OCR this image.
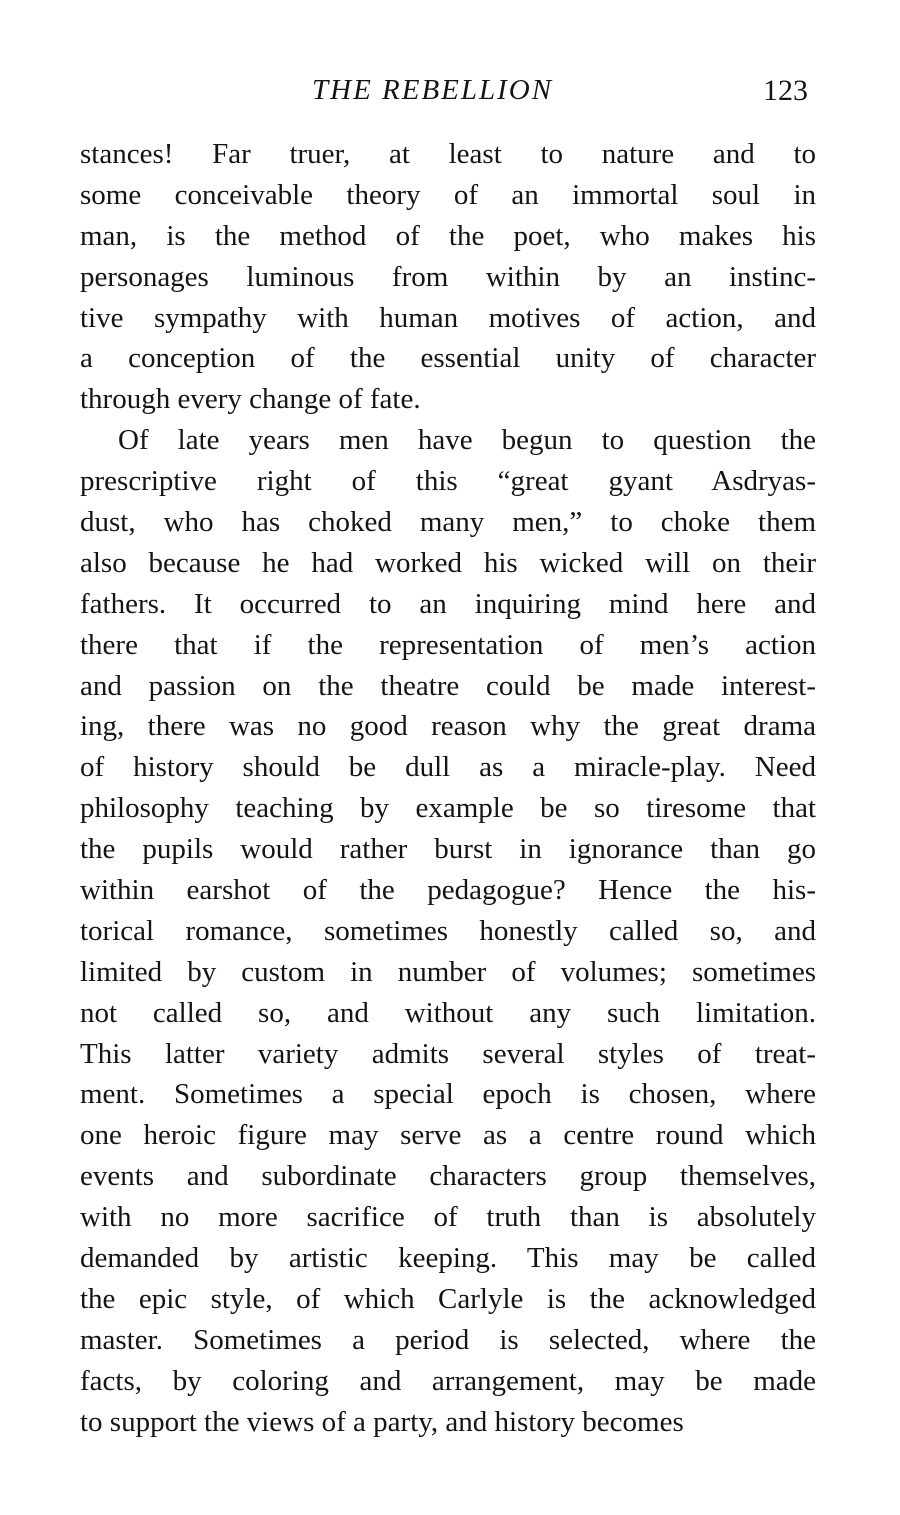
THE REBELLION	123
stances! Far truer, at least to nature and to
some conceivable theory of an immortal soul in
man, is the method of the poet, who makes his
personages luminous from within by an instinc-
tive sympathy with human motives of action, and
a conception of the essential unity of character
through every change of fate.
Of late years men have begun to question the
prescriptive right of this “great gyant Asdryas-
dust, who has choked many men,” to choke them
also because he had worked his wicked will on their
fathers. It occurred to an inquiring mind here and
there that if the representation of men’s action
and passion on the theatre could be made interest-
ing, there was no good reason why the great drama
of history should be dull as a miracle-play. Need
philosophy teaching by example be so tiresome that
the pupils would rather burst in ignorance than go
within earshot of the pedagogue? Hence the his-
torical romance, sometimes honestly called so, and
limited by custom in number of volumes; sometimes
not called so, and without any such limitation.
This latter variety admits several styles of treat-
ment. Sometimes a special epoch is chosen, where
one heroic figure may serve as a centre round which
events and subordinate characters group themselves,
with no more sacrifice of truth than is absolutely
demanded by artistic keeping. This may be called
the epic style, of which Carlyle is the acknowledged
master. Sometimes a period is selected, where the
facts, by coloring and arrangement, may be made
to support the views of a party, and history becomes
